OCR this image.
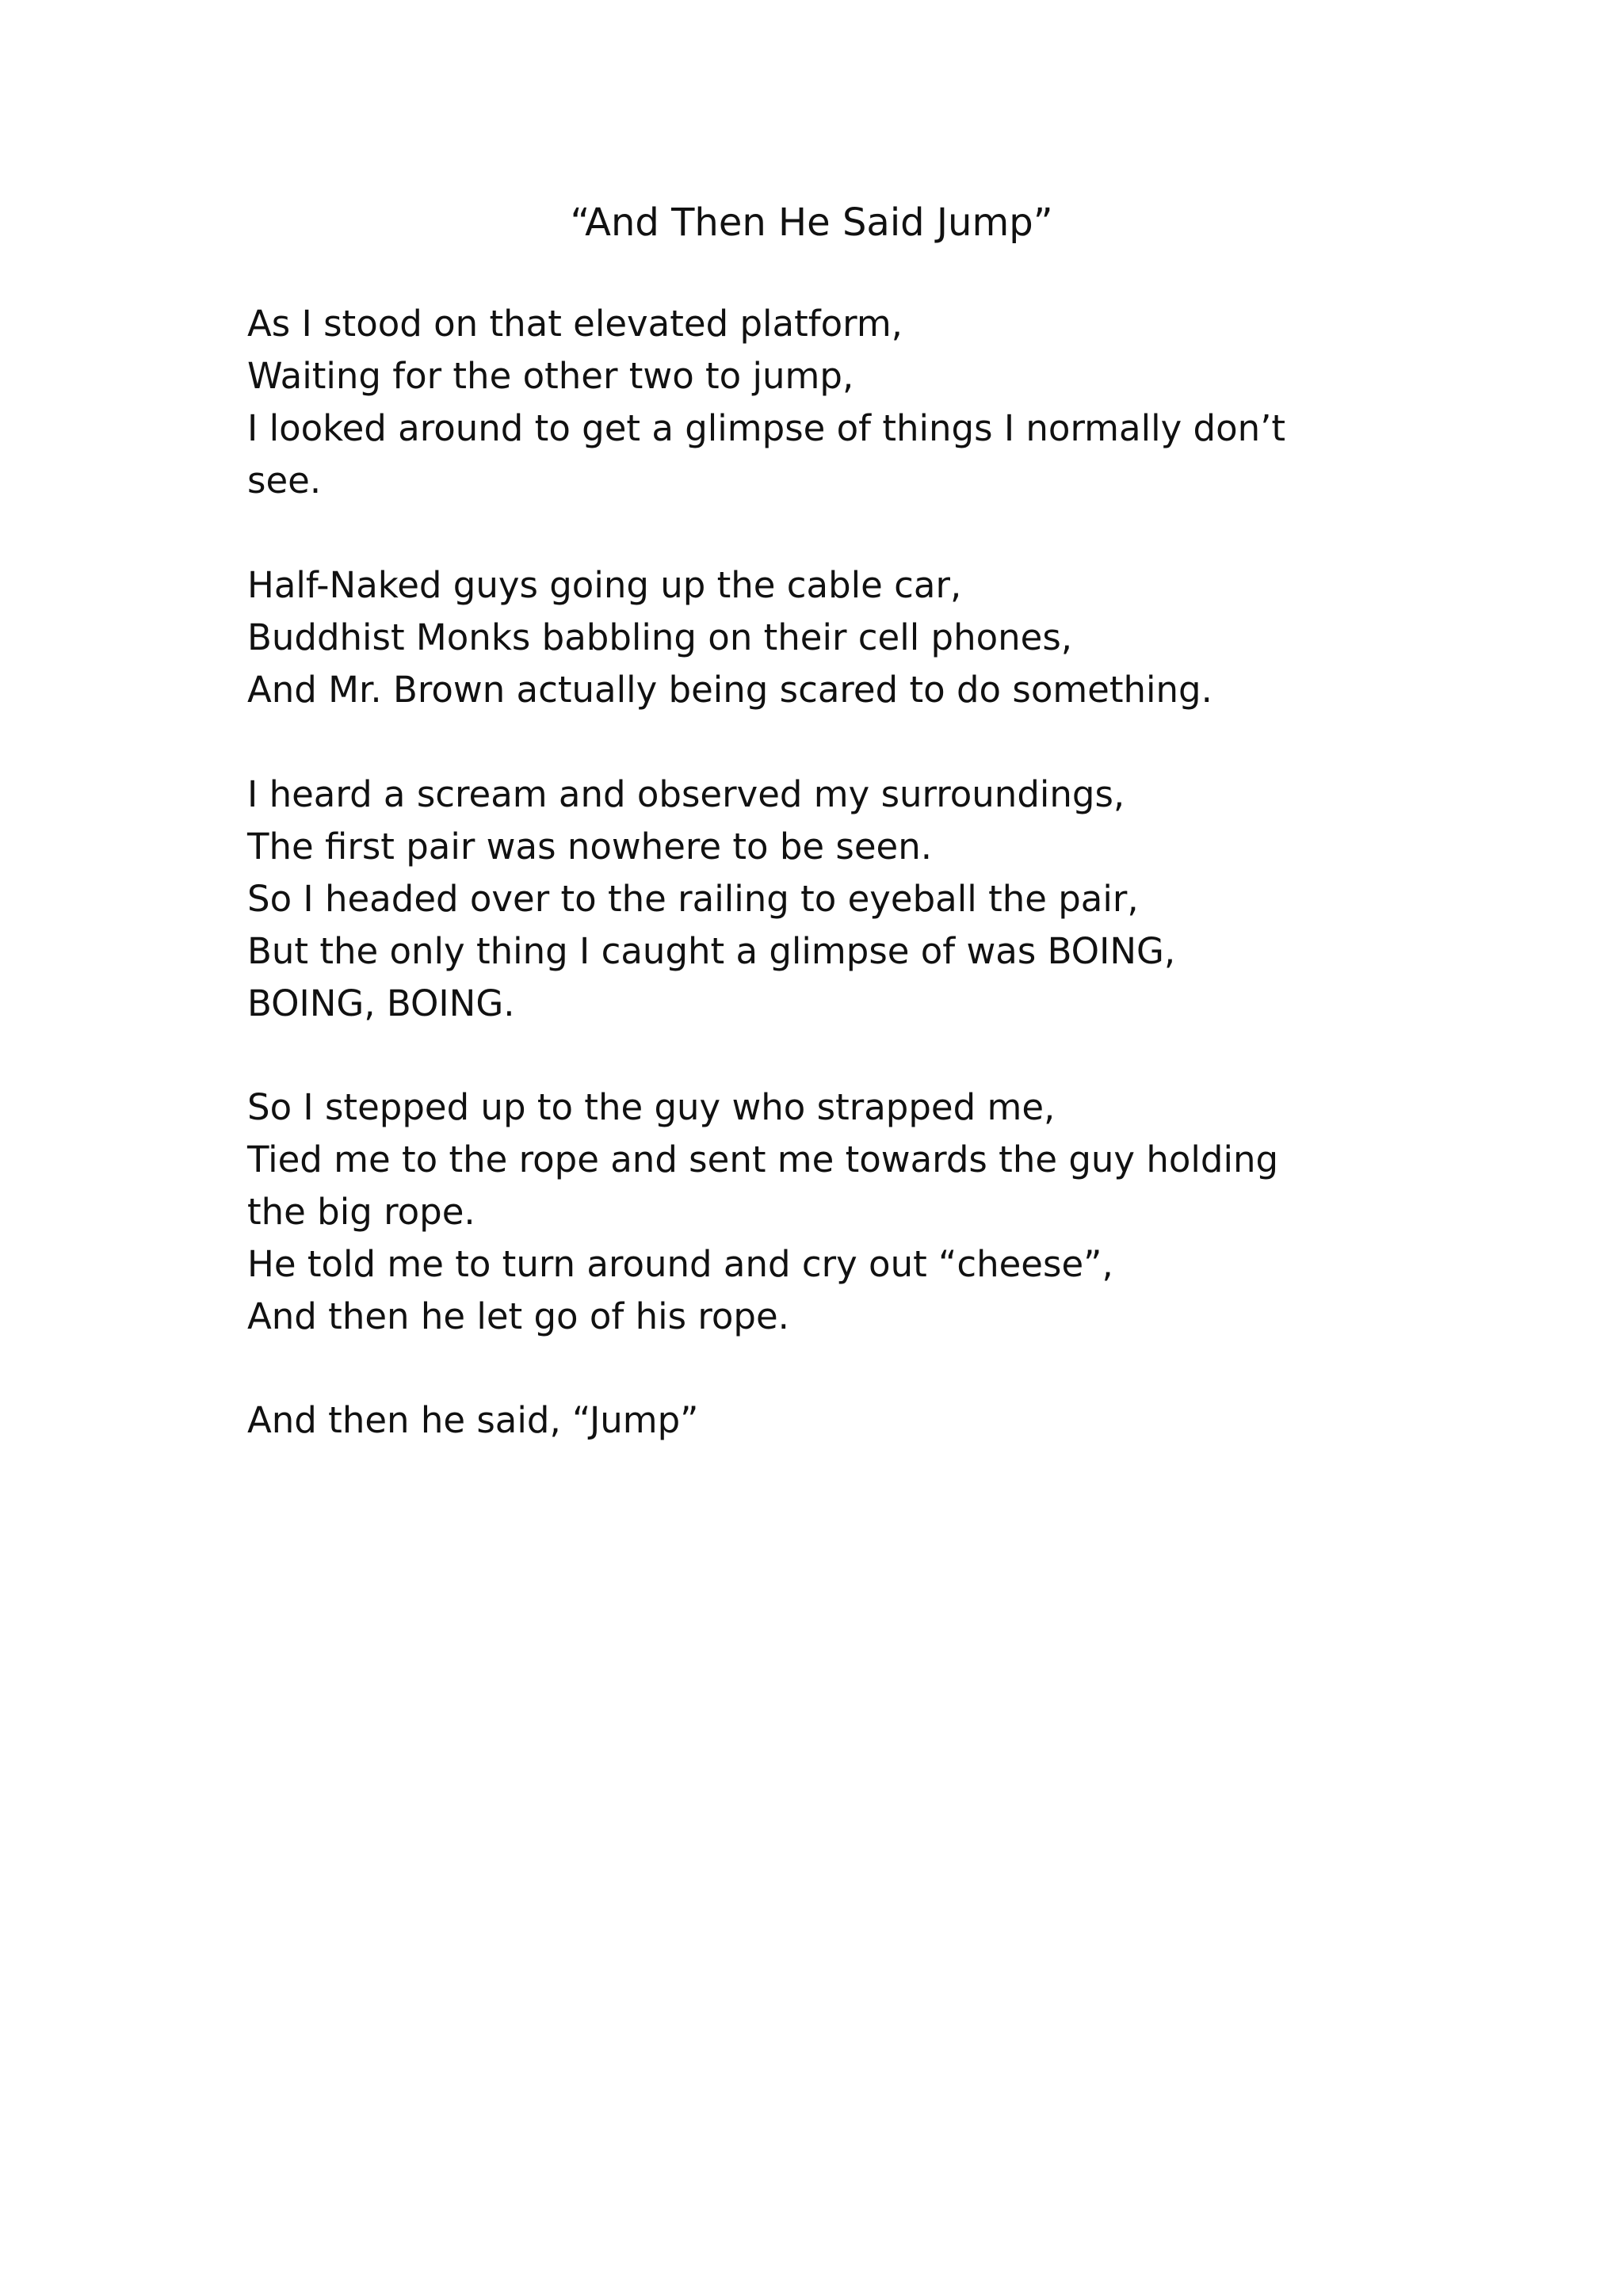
“And Then He Said Jump”
As I stood on that elevated platform,
Waiting for the other two to jump,
I looked around to get a glimpse of things I normally don’t
see.
Half-Naked guys going up the cable car,
Buddhist Monks babbling on their cell phones,
And Mr. Brown actually being scared to do something.
I heard a scream and observed my surroundings,
The first pair was nowhere to be seen.
So I headed over to the railing to eyeball the pair,
But the only thing I caught a glimpse of was BOING,
BOING, BOING.
So I stepped up to the guy who strapped me,
Tied me to the rope and sent me towards the guy holding
the big rope.
He told me to turn around and cry out “cheese”,
And then he let go of his rope.
And then he said, “Jump”
